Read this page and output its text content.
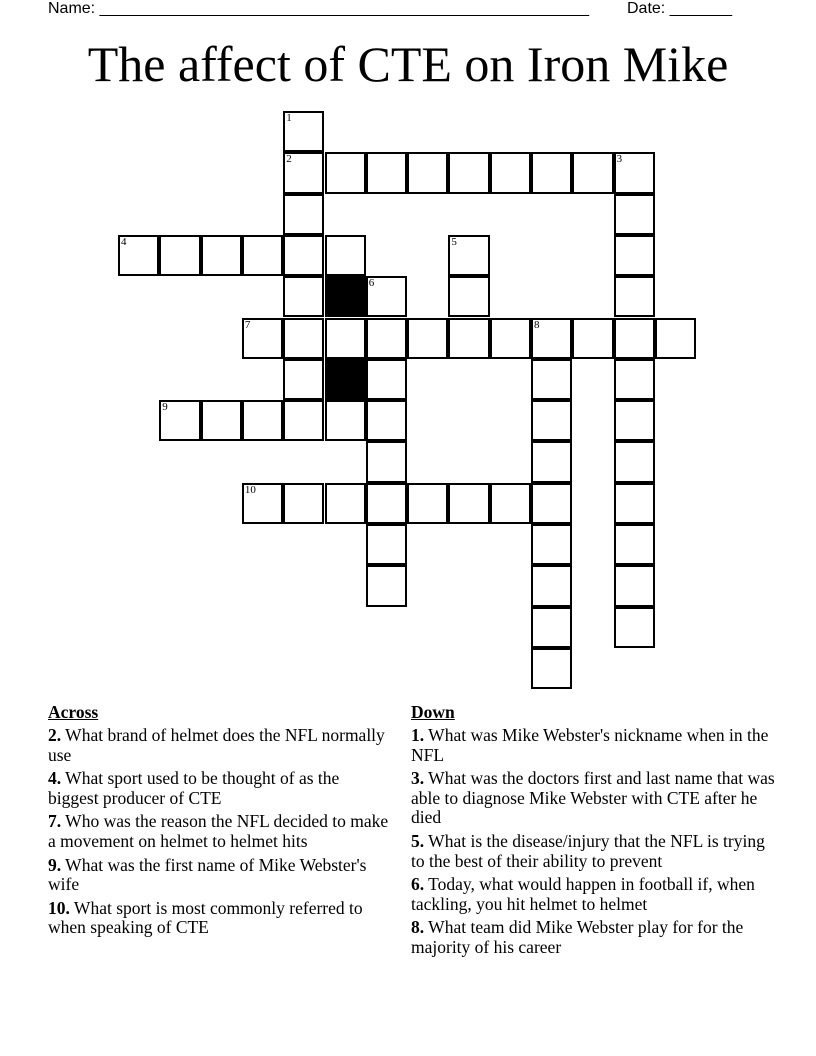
Name: _______________________________________________________ Date: _______
The affect of CTE on Iron Mike
1
2	3
4	5
6
7	8
9
10
Across
2. What brand of helmet does the NFL normally use
4. What sport used to be thought of as the biggest producer of CTE
7. Who was the reason the NFL decided to make a movement on helmet to helmet hits
9. What was the first name of Mike Webster's wife
10. What sport is most commonly referred to when speaking of CTE
Down
1. What was Mike Webster's nickname when in the NFL
3. What was the doctors first and last name that was able to diagnose Mike Webster with CTE after he died
5. What is the disease/injury that the NFL is trying to the best of their ability to prevent
6. Today, what would happen in football if, when tackling, you hit helmet to helmet
8. What team did Mike Webster play for for the majority of his career
